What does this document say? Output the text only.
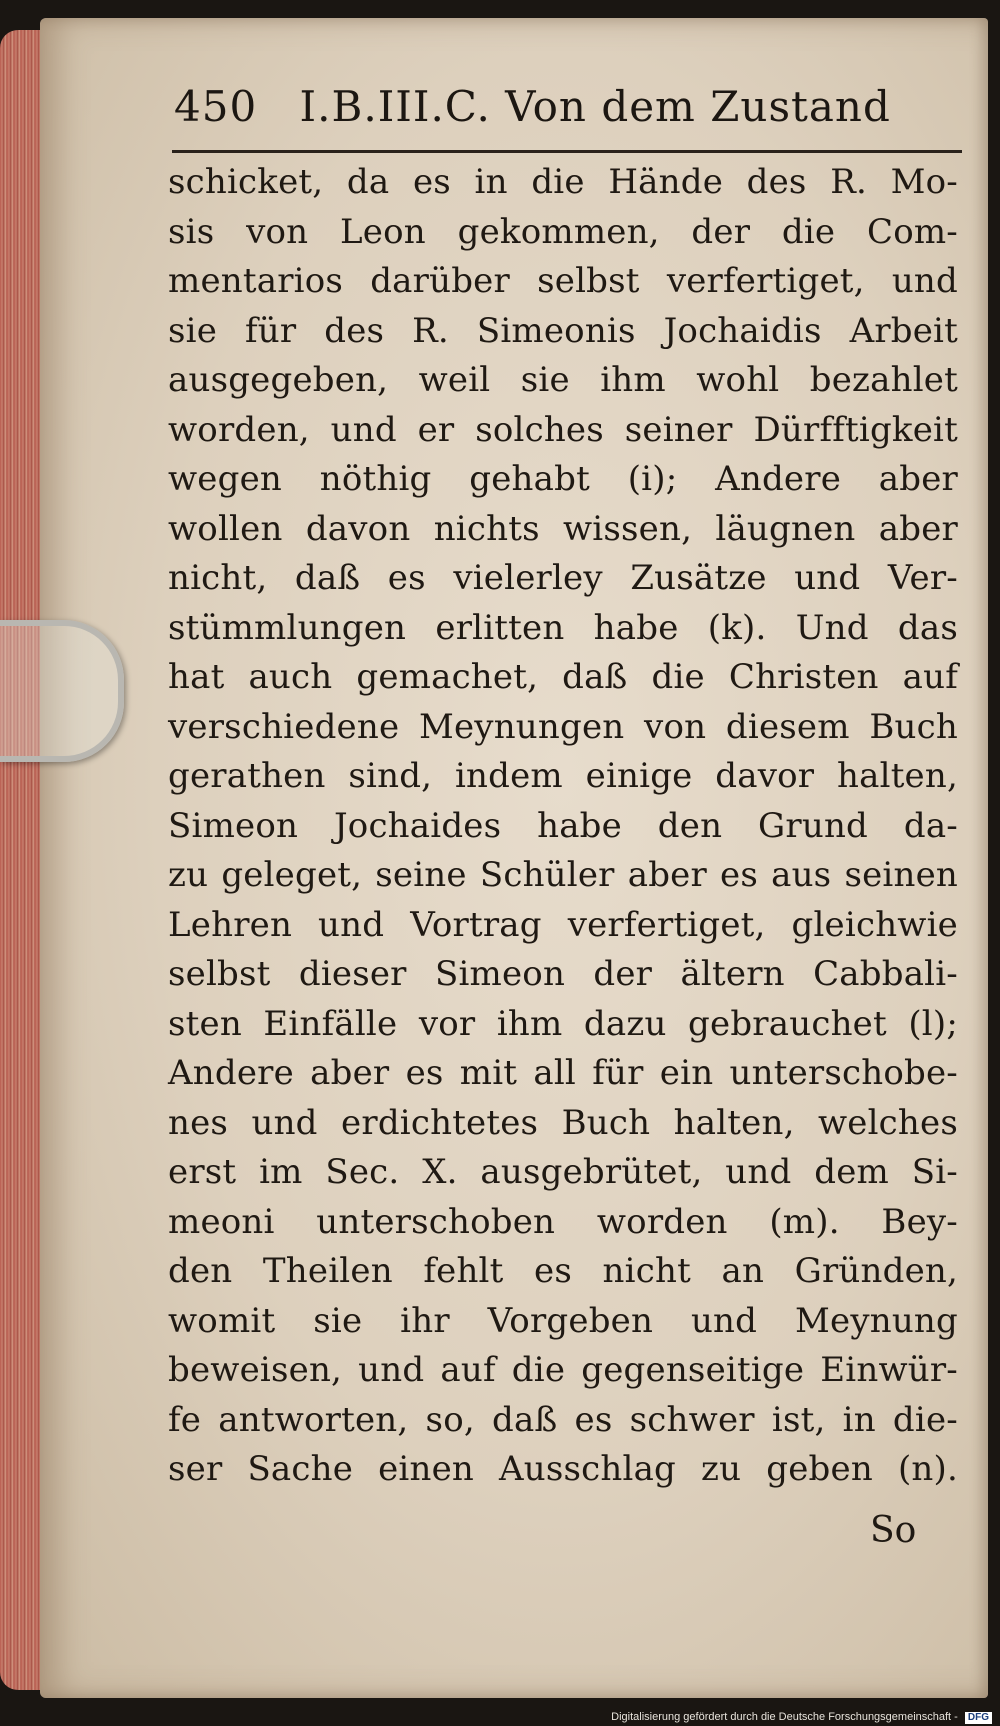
450 I.B.III.C. Von dem Zustand
schicket, da es in die Hände des R. Mo-
sis von Leon gekommen, der die Com-
mentarios darüber selbst verfertiget, und
sie für des R. Simeonis Jochaidis Arbeit
ausgegeben, weil sie ihm wohl bezahlet
worden, und er solches seiner Dürfftigkeit
wegen nöthig gehabt (i); Andere aber
wollen davon nichts wissen, läugnen aber
nicht, daß es vielerley Zusätze und Ver-
stümmlungen erlitten habe (k). Und das
hat auch gemachet, daß die Christen auf
verschiedene Meynungen von diesem Buch
gerathen sind, indem einige davor halten,
Simeon Jochaides habe den Grund da-
zu geleget, seine Schüler aber es aus seinen
Lehren und Vortrag verfertiget, gleichwie
selbst dieser Simeon der ältern Cabbali-
sten Einfälle vor ihm dazu gebrauchet (l);
Andere aber es mit all für ein unterschobe-
nes und erdichtetes Buch halten, welches
erst im Sec. X. ausgebrütet, und dem Si-
meoni unterschoben worden (m). Bey-
den Theilen fehlt es nicht an Gründen,
womit sie ihr Vorgeben und Meynung
beweisen, und auf die gegenseitige Einwür-
fe antworten, so, daß es schwer ist, in die-
ser Sache einen Ausschlag zu geben (n).
So
Digitalisierung gefördert durch die Deutsche Forschungsgemeinschaft - DFG
